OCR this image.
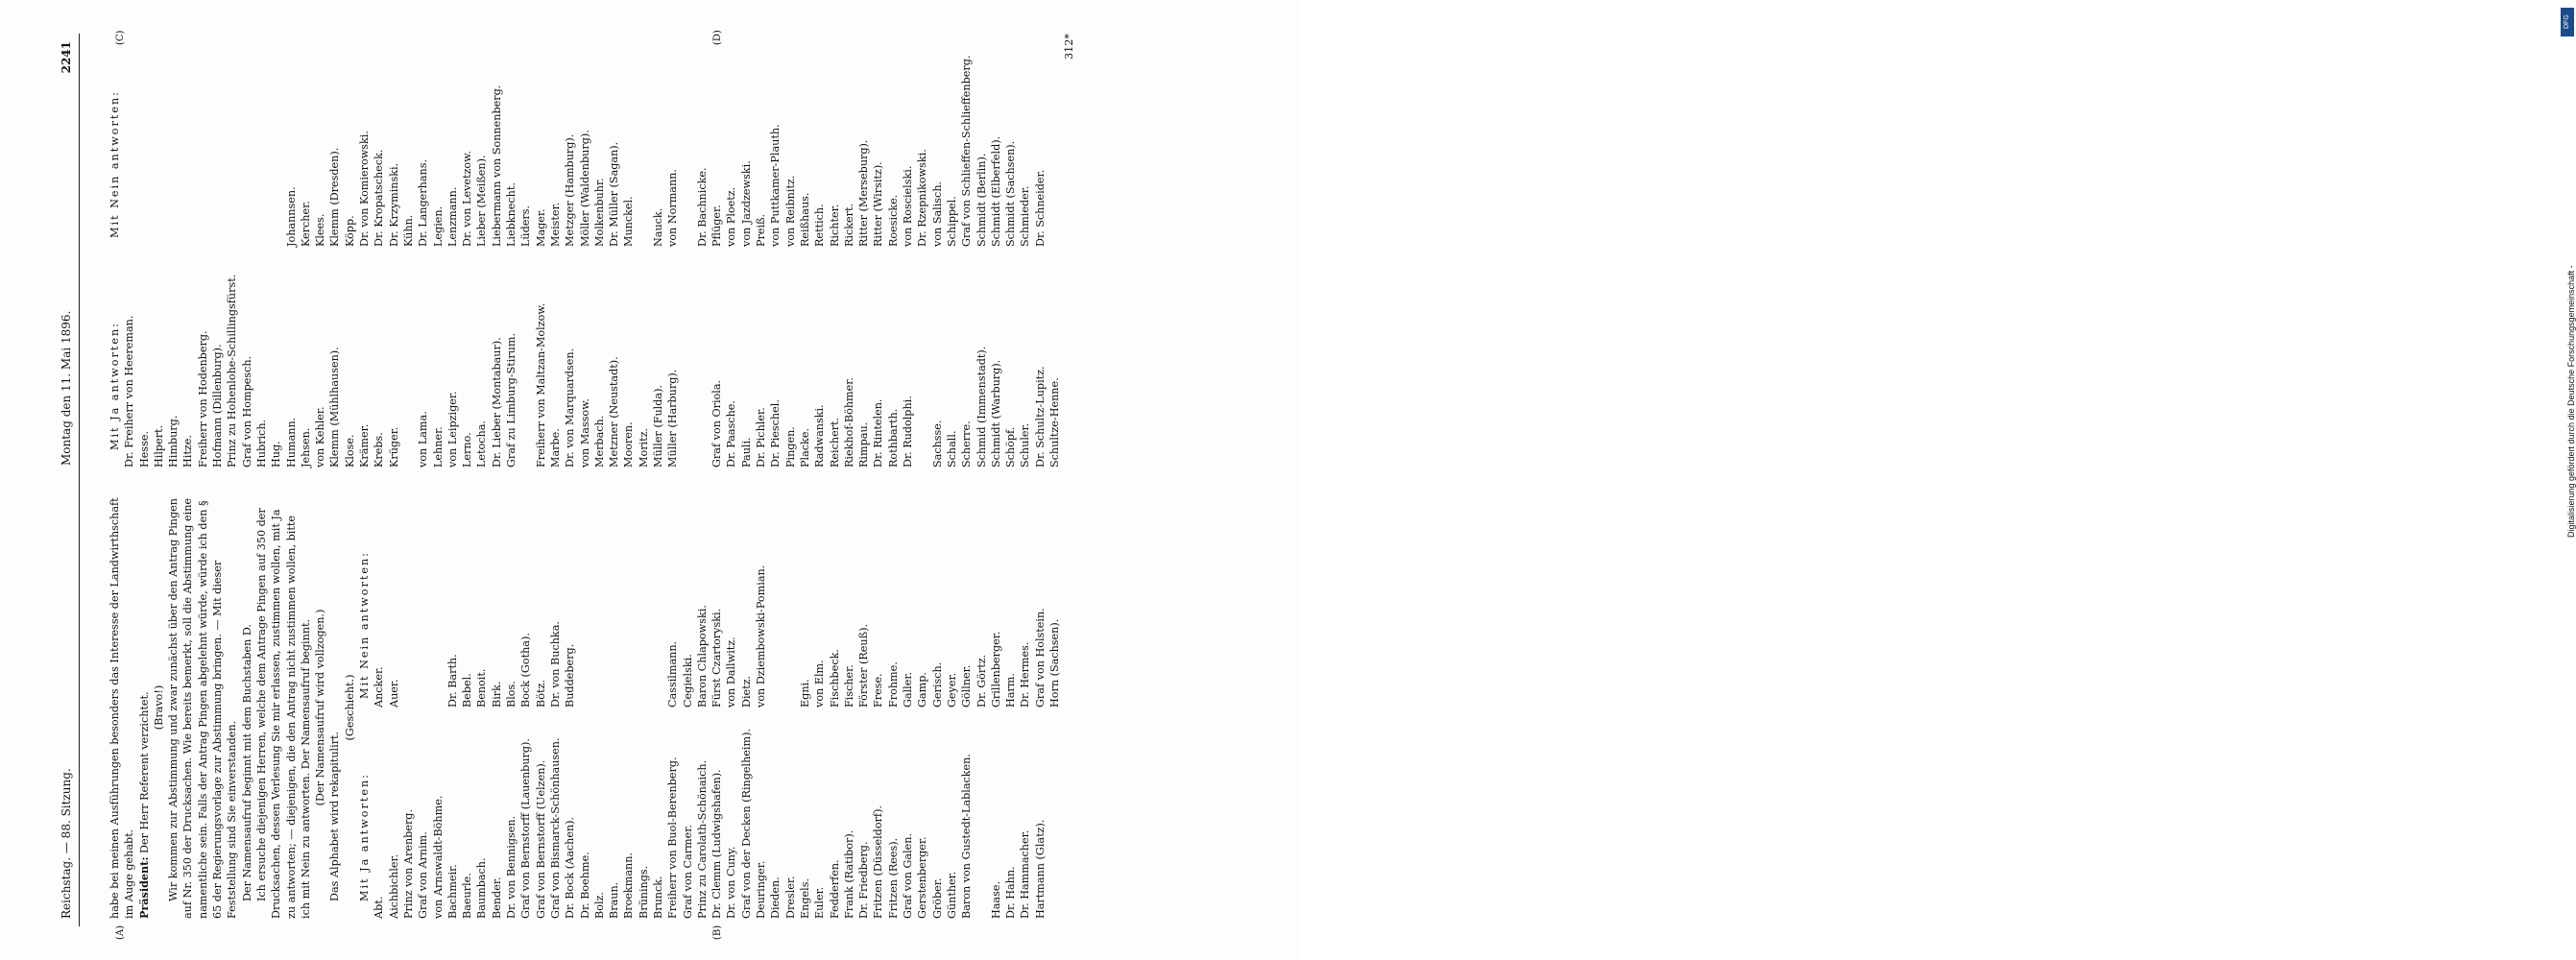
Reichstag. — 88. Sitzung.
Montag den 11. Mai 1896.
2241
(A)	(B)
(C)	(D)
habe bei meinen Ausführungen besonders das Interesse der Landwirthschaft im Auge gehabt. Präsident: Der Herr Referent verzichtet. (Bravo!) Wir kommen zur Abstimmung und zwar zunächst über den Antrag Pingen auf Nr. 350 der Drucksachen. Wie bereits bemerkt, soll die Abstimmung eine namentliche sein. Falls der Antrag Pingen abgelehnt würde, würde ich den § 65 der Regierungsvorlage zur Abstimmung bringen. — Mit dieser Feststellung sind Sie einverstanden. Der Namensaufruf beginnt mit dem Buchstaben D. Ich ersuche diejenigen Herren, welche dem Antrage Pingen auf 350 der Drucksachen, dessen Verlesung Sie mir erlassen, zustimmen wollen, mit Ja zu antworten; — diejenigen, die den Antrag nicht zustimmen wollen, bitte ich mit Nein zu antworten. Der Namensaufruf beginnt. (Der Namensaufruf wird vollzogen.)
Das Alphabet wird rekapitulirt.
(Geschieht.)
Mit Ja antworten:
Mit Nein antworten:
Abt. Aichbichler. Prinz von Arenberg. Graf von Arnim. von Arnswaldt-Böhme. Bachmeir. Baeurle. Baumbach. Bender. Dr. von Bennigsen. Graf von Bernstorff (Lauenburg). Graf von Bernstorff (Uelzen). Graf von Bismarck-Schönhausen. Dr. Bock (Aachen). Dr. Boehme. Bolz. Braun. Broekmann. Brünings. Brunck. Freiherr von Buol-Berenberg. Graf von Carmer. Prinz zu Carolath-Schönaich. Dr. Clemm (Ludwigshafen). Dr. von Cuny. Graf von der Decken (Ringelheim). Deuringer. Dieden. Dresler. Engels. Euler. Fedderfen. Frank (Ratibor). Dr. Friedberg. Fritzen (Düsseldorf). Fritzen (Rees). Graf von Galen. Gerstenberger. Gröber. Günther. Baron von Gustedt-Lablacken.
Haase. Dr. Hahn. Dr. Hammacher. Hartmann (Glatz).
Ancker. Auer.

	Dr. Barth. Bebel. Benoit. Birk. Blos. Bock (Gotha). Bötz. Dr. von Buchka. Buddeberg.

	Cassilmann. Cegielski. Baron Chlapowski. Fürst Czartoryski. von Dallwitz. Dietz. von Dziembowski-Pomian.

	Egni. von Elm. Fischbeck. Fischer. Förster (Reuß). Frese. Frohme. Galler. Gamp. Gerisch. Geyer. Göllner. Dr. Görtz. Grillenberger. Harm. Dr. Hermes. Graf von Holstein. Horn (Sachsen).
Mit Ja antworten:
Mit Nein antworten:
Dr. Freiherr von Heereman. Hesse. Hilpert. Himburg. Hitze. Freiherr von Hodenberg. Hofmann (Dillenburg). Prinz zu Hohenlohe-Schillingsfürst. Graf von Hompesch. Hubrich. Hug. Humann. Jehsen. von Kehler. Klemm (Mühlhausen). Klose. Krämer. Krebs. Krüger.
von Lama. Lehner. von Leipziger. Lerno. Letocha. Dr. Lieber (Montabaur). Graf zu Limburg-Stirum.
Freiherr von Maltzan-Molzow. Marbe. Dr. von Marquardsen. von Massow. Merbach. Metzner (Neustadt). Mooren. Moritz. Müller (Fulda). Müller (Harburg).

	Graf von Oriola. Dr. Paasche. Pauli. Dr. Pichler. Dr. Pieschel. Pingen. Placke. Radwanski. Reichert. Riekhof-Böhmer. Rimpau. Dr. Rintelen. Rothbarth. Dr. Rudolphi.
Sachsse. Schall. Scherre. Schmid (Immenstadt). Schmidt (Warburg). Schöpf. Schuler. Dr. Schultz-Lupitz. Schultze-Henne.

Johannsen. Kercher. Klees. Klemm (Dresden). Köpp. Dr. von Komierowski. Dr. Kropatscheck. Dr. Krzyminski. Kühn. Dr. Langerhans. Legien. Lenzmann. Dr. von Levetzow. Lieber (Meißen). Liebermann von Sonnenberg. Liebknecht. Lüders. Mager. Meister. Metzger (Hamburg). Möller (Waldenburg). Molkenbuhr. Dr. Müller (Sagan). Munckel.
Nauck. von Normann.
Dr. Bachnicke. Pflüger. von Ploetz. von Jazdzewski. Preiß. von Puttkamer-Plauth. von Reibnitz. Reißhaus. Rettich. Richter. Rickert. Ritter (Merseburg). Ritter (Wirsitz). Roesicke. von Roscielski. Dr. Rzepnikowski. von Salisch. Schippel. Graf von Schlieffen-Schlieffenberg. Schmidt (Berlin). Schmidt (Elberfeld). Schmidt (Sachsen). Schmieder. Dr. Schneider.
312*
DFG
Digitalisierung gefördert durch die Deutsche Forschungsgemeinschaft -
